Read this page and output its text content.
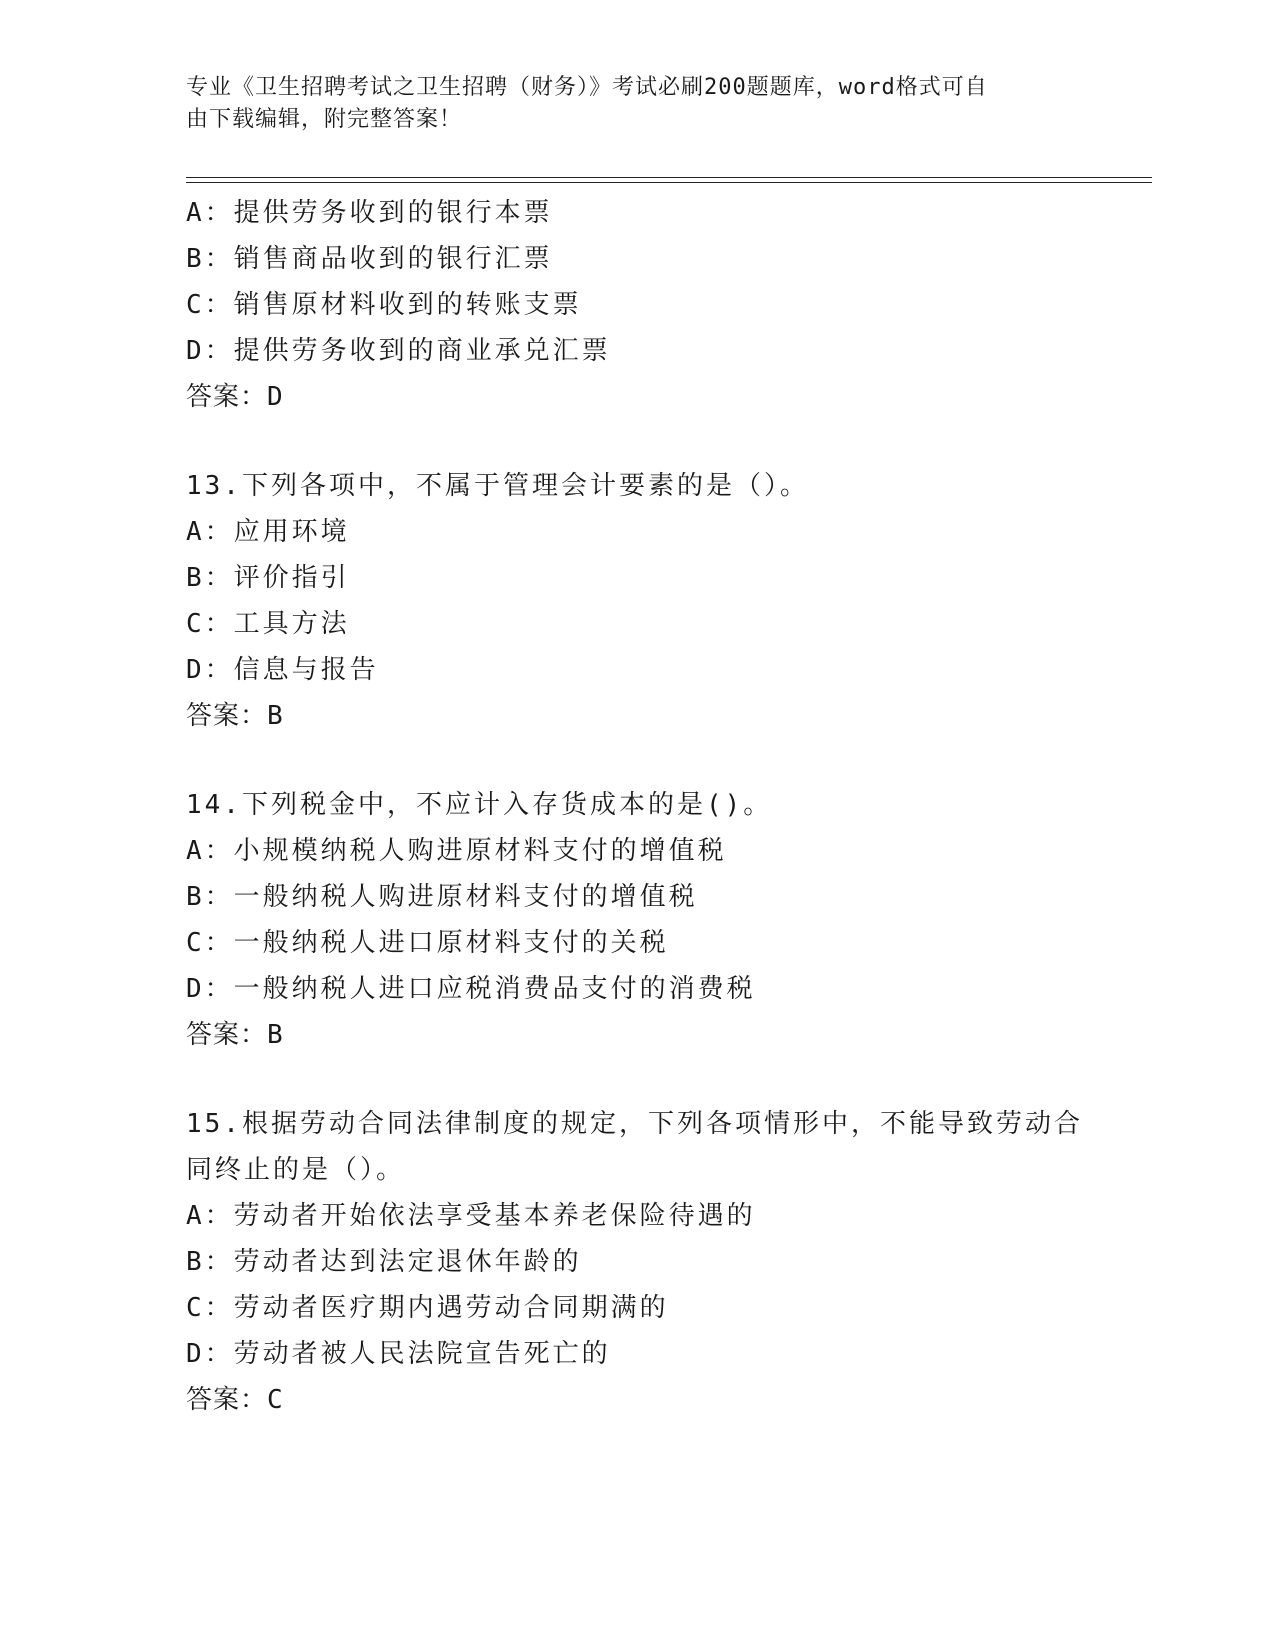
专业《卫生招聘考试之卫生招聘（财务）》考试必刷200题题库，word格式可自
由下载编辑，附完整答案！
A：提供劳务收到的银行本票
B：销售商品收到的银行汇票
C：销售原材料收到的转账支票
D：提供劳务收到的商业承兑汇票
答案：D
13.下列各项中，不属于管理会计要素的是（）。
A：应用环境
B：评价指引
C：工具方法
D：信息与报告
答案：B
14.下列税金中，不应计入存货成本的是()。
A：小规模纳税人购进原材料支付的增值税
B：一般纳税人购进原材料支付的增值税
C：一般纳税人进口原材料支付的关税
D：一般纳税人进口应税消费品支付的消费税
答案：B
15.根据劳动合同法律制度的规定，下列各项情形中，不能导致劳动合
同终止的是（）。
A：劳动者开始依法享受基本养老保险待遇的
B：劳动者达到法定退休年龄的
C：劳动者医疗期内遇劳动合同期满的
D：劳动者被人民法院宣告死亡的
答案：C
